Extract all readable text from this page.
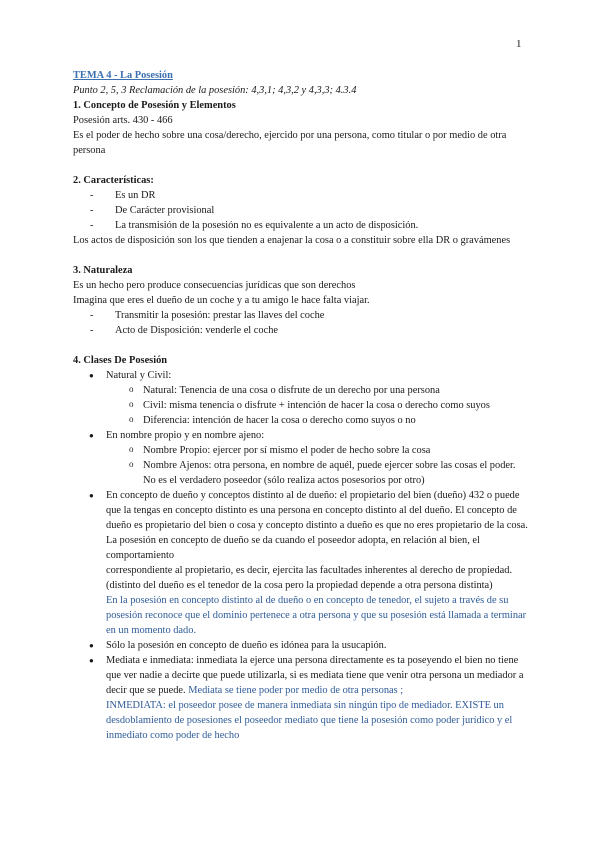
1

TEMA 4 - La Posesión

Punto 2, 5, 3 Reclamación de la posesión: 4,3,1; 4,3,2 y 4,3,3; 4.3.4

1. Concepto de Posesión y Elementos

Posesión arts. 430 - 466

Es el poder de hecho sobre una cosa/derecho, ejercido por una persona, como titular o por medio de otra persona

2. Características:

- Es un DR
- De Carácter provisional
- La transmisión de la posesión no es equivalente a un acto de disposición.

Los actos de disposición son los que tienden a enajenar la cosa o a constituir sobre ella DR o gravámenes

3. Naturaleza

Es un hecho pero produce consecuencias jurídicas que son derechos

Imagina que eres el dueño de un coche y a tu amigo le hace falta viajar.

- Transmitir la posesión: prestar las llaves del coche
- Acto de Disposición: venderle el coche

4. Clases De Posesión

● Natural y Civil:
o Natural: Tenencia de una cosa o disfrute de un derecho por una persona
o Civil: misma tenencia o disfrute + intención de hacer la cosa o derecho como suyos
o Diferencia: intención de hacer la cosa o derecho como suyos o no
● En nombre propio y en nombre ajeno:
o Nombre Propio: ejercer por sí mismo el poder de hecho sobre la cosa
o Nombre Ajenos: otra persona, en nombre de aquél, puede ejercer sobre las cosas el poder. No es el verdadero poseedor (sólo realiza actos posesorios por otro)
● En concepto de dueño y conceptos distinto al de dueño: el propietario del bien (dueño) 432 o puede que la tengas en concepto distinto es una persona en concepto distinto al del dueño. El concepto de dueño es propietario del bien o cosa y concepto distinto a dueño es que no eres propietario de la cosa. La posesión en concepto de dueño se da cuando el poseedor adopta, en relación al bien, el comportamiento
correspondiente al propietario, es decir, ejercita las facultades inherentes al derecho de propiedad. (distinto del dueño es el tenedor de la cosa pero la propiedad depende a otra persona distinta)
En la posesión en concepto distinto al de dueño o en concepto de tenedor, el sujeto a través de su posesión reconoce que el dominio pertenece a otra persona y que su posesión está llamada a terminar en un momento dado.
● Sólo la posesión en concepto de dueño es idónea para la usucapión.
● Mediata e inmediata: inmediata la ejerce una persona directamente es ta poseyendo el bien no tiene que ver nadie a decirte que puede utilizarla, si es mediata tiene que venir otra persona un mediador a decir que se puede. Mediata se tiene poder por medio de otra personas ;
INMEDIATA: el poseedor posee de manera inmediata sin ningún tipo de mediador. EXISTE un desdoblamiento de posesiones el poseedor mediato que tiene la posesión como poder jurídico y el inmediato como poder de hecho
